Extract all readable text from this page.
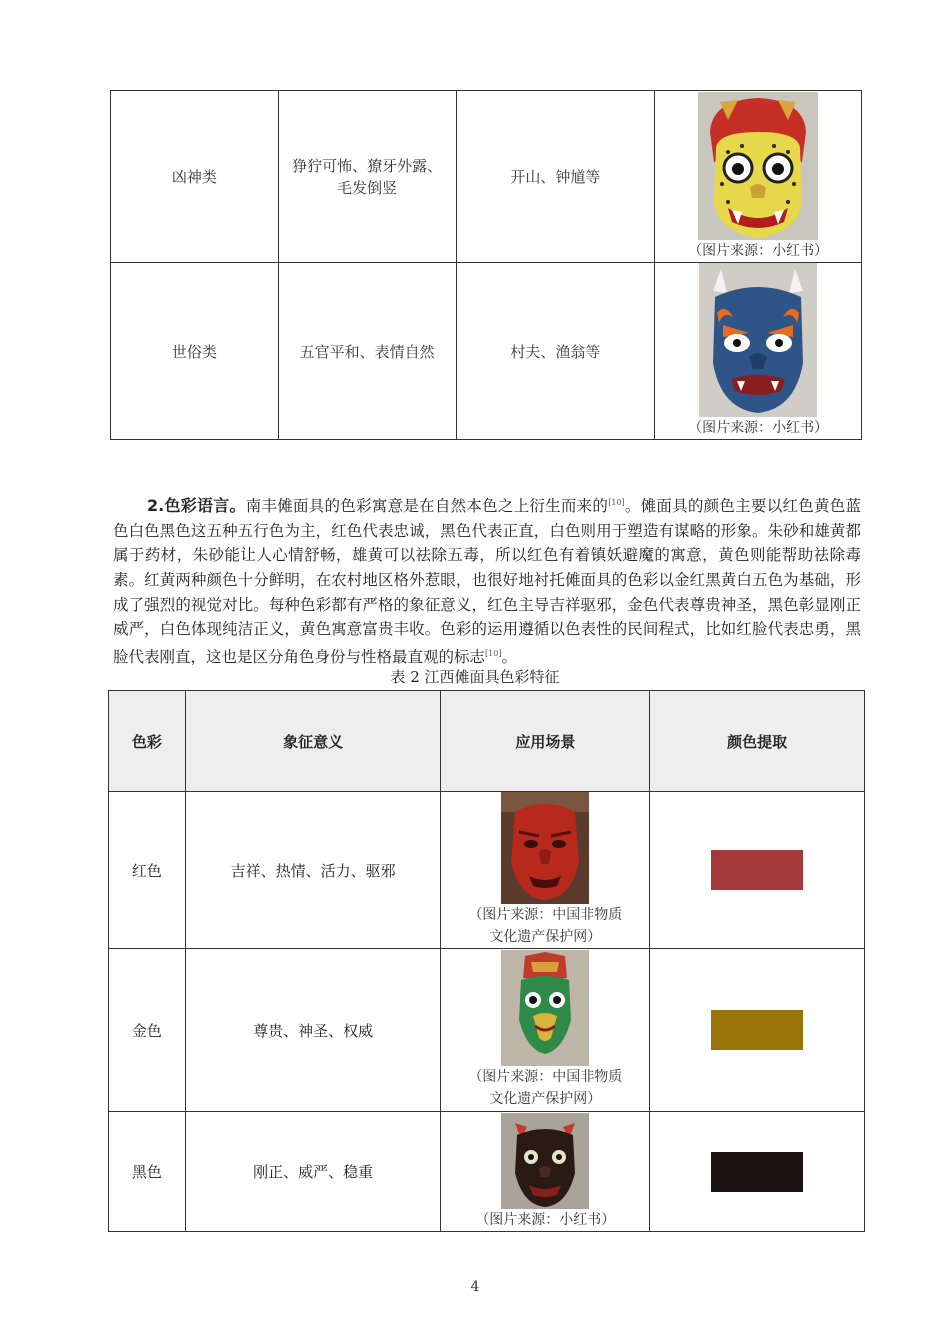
凶神类	狰狞可怖、獠牙外露、毛发倒竖	开山、钟馗等	（图片来源：小红书）

世俗类	五官平和、表情自然	村夫、渔翁等	（图片来源：小红书）
2.色彩语言。南丰傩面具的色彩寓意是在自然本色之上衍生而来的[10]。傩面具的颜色主要以红色黄色蓝色白色黑色这五种五行色为主，红色代表忠诚，黑色代表正直，白色则用于塑造有谋略的形象。朱砂和雄黄都属于药材，朱砂能让人心情舒畅，雄黄可以祛除五毒，所以红色有着镇妖避魔的寓意，黄色则能帮助祛除毒素。红黄两种颜色十分鲜明，在农村地区格外惹眼，也很好地衬托傩面具的色彩以金红黑黄白五色为基础，形成了强烈的视觉对比。每种色彩都有严格的象征意义，红色主导吉祥驱邪，金色代表尊贵神圣，黑色彰显刚正威严，白色体现纯洁正义，黄色寓意富贵丰收。色彩的运用遵循以色表性的民间程式，比如红脸代表忠勇，黑脸代表刚直，这也是区分角色身份与性格最直观的标志[10]。
表 2 江西傩面具色彩特征
色彩	象征意义	应用场景	颜色提取
红色	吉祥、热情、活力、驱邪	（图片来源：中国非物质
文化遗产保护网）	

金色	尊贵、神圣、权威	（图片来源：中国非物质
文化遗产保护网）	

黑色	刚正、威严、稳重	（图片来源：小红书）	

4
